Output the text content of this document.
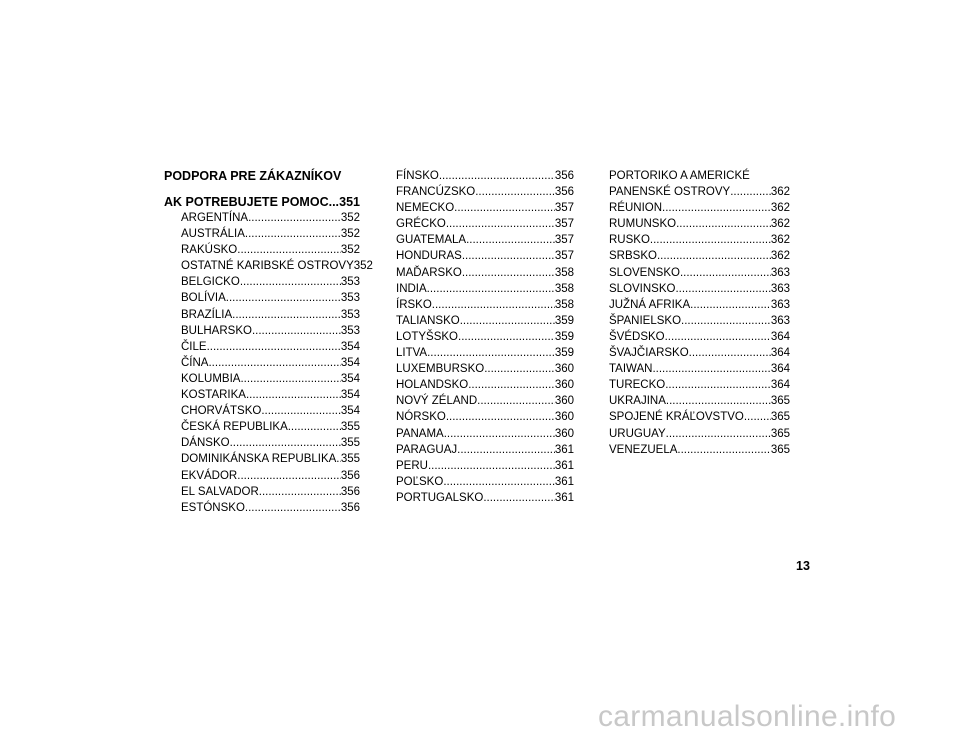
PODPORA PRE ZÁKAZNÍKOV
AK POTREBUJETE POMOC ..... 351
ARGENTÍNA .....	352
AUSTRÁLIA .....	352
RAKÚSKO .....	352
OSTATNÉ KARIBSKÉ OSTROVY 352
BELGICKO .....	353
BOLÍVIA .....	353
BRAZÍLIA .....	353
BULHARSKO .....	353
ČILE .....	354
ČÍNA .....	354
KOLUMBIA .....	354
KOSTARIKA .....	354
CHORVÁTSKO .....	354
ČESKÁ REPUBLIKA .....	355
DÁNSKO .....	355
DOMINIKÁNSKA REPUBLIKA ..... 355
EKVÁDOR .....	356
EL SALVADOR .....	356
ESTÓNSKO .....	356
FÍNSKO .....	356
FRANCÚZSKO .....	356
NEMECKO .....	357
GRÉCKO .....	357
GUATEMALA .....	357
HONDURAS .....	357
MAĎARSKO .....	358
INDIA .....	358
ÍRSKO .....	358
TALIANSKO .....	359
LOTYŠSKO .....	359
LITVA .....	359
LUXEMBURSKO .....	360
HOLANDSKO .....	360
NOVÝ ZÉLAND .....	360
NÓRSKO .....	360
PANAMA .....	360
PARAGUAJ .....	361
PERU .....	361
POĽSKO .....	361
PORTUGALSKO .....	361
PORTORIKO A AMERICKÉ
PANENSKÉ OSTROVY .....	362
RÉUNION .....	362
RUMUNSKO .....	362
RUSKO .....	362
SRBSKO .....	362
SLOVENSKO .....	363
SLOVINSKO .....	363
JUŽNÁ AFRIKA .....	363
ŠPANIELSKO .....	363
ŠVÉDSKO .....	364
ŠVAJČIARSKO .....	364
TAIWAN .....	364
TURECKO .....	364
UKRAJINA .....	365
SPOJENÉ KRÁĽOVSTVO ..... 365
URUGUAY .....	365
VENEZUELA .....	365
13
carmanualsonline.info
